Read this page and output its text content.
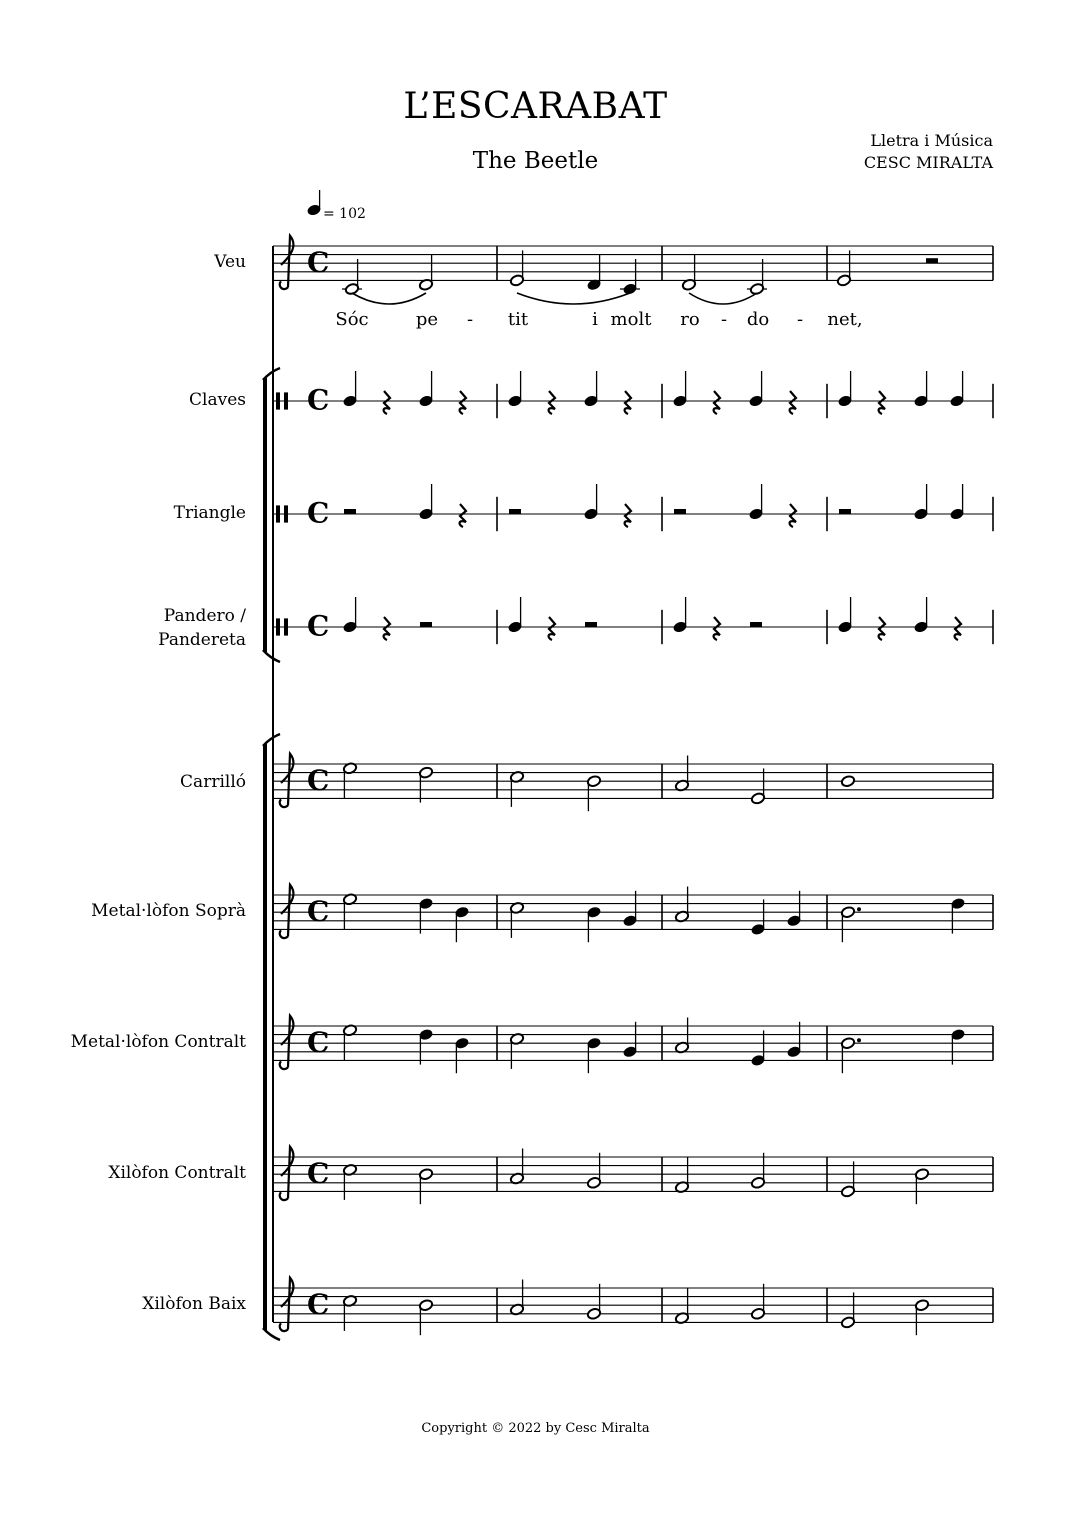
= 102
C
C
C
C
C
C
C
C
C
L’ESCARABAT
The Beetle
Lletra i Música
CESC MIRALTA
Veu
Claves
Triangle
Pandero /
Pandereta
Carrilló
Metal·lòfon Soprà
Metal·lòfon Contralt
Xilòfon Contralt
Xilòfon Baix
Sóc	pe - tit	i molt ro - do - net,
Copyright © 2022 by Cesc Miralta
